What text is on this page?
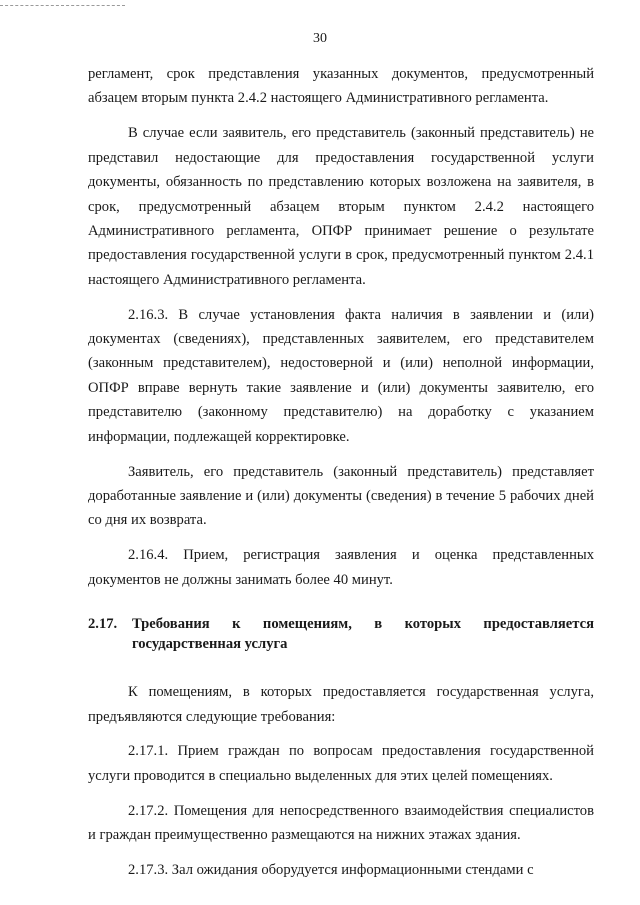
30

регламент, срок представления указанных документов, предусмотренный абзацем вторым пункта 2.4.2 настоящего Административного регламента.

В случае если заявитель, его представитель (законный представитель) не представил недостающие для предоставления государственной услуги документы, обязанность по представлению которых возложена на заявителя, в срок, предусмотренный абзацем вторым пунктом 2.4.2 настоящего Административного регламента, ОПФР принимает решение о результате предоставления государственной услуги в срок, предусмотренный пунктом 2.4.1 настоящего Административного регламента.

2.16.3. В случае установления факта наличия в заявлении и (или) документах (сведениях), представленных заявителем, его представителем (законным представителем), недостоверной и (или) неполной информации, ОПФР вправе вернуть такие заявление и (или) документы заявителю, его представителю (законному представителю) на доработку с указанием информации, подлежащей корректировке.

Заявитель, его представитель (законный представитель) представляет доработанные заявление и (или) документы (сведения) в течение 5 рабочих дней со дня их возврата.

2.16.4. Прием, регистрация заявления и оценка представленных документов не должны занимать более 40 минут.

2.17.	Требования к помещениям, в которых предоставляется государственная услуга

К помещениям, в которых предоставляется государственная услуга, предъявляются следующие требования:

2.17.1. Прием граждан по вопросам предоставления государственной услуги проводится в специально выделенных для этих целей помещениях.

2.17.2. Помещения для непосредственного взаимодействия специалистов и граждан преимущественно размещаются на нижних этажах здания.

2.17.3. Зал ожидания оборудуется информационными стендами с
